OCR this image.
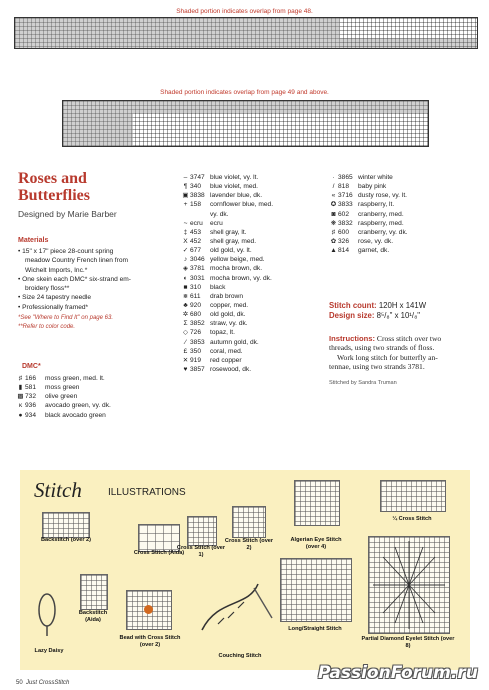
Shaded portion indicates overlap from page 48.
Shaded portion indicates overlap from page 49 and above.
Roses and
Butterflies
Designed by Marie Barber
Materials
• 15" x 17" piece 28-count spring
meadow Country French linen from
Wichelt Imports, Inc.*
• One skein each DMC* six-strand em-
broidery floss**
• Size 24 tapestry needle
• Professionally framed*
*See "Where to Find It" on page 63.
**Refer to color code.
DMC*
♯ 166	moss green, med. lt.
▮ 581	moss green
▩ 732	olive green
κ 936	avocado green, vy. dk.
● 934	black avocado green
– 3747 blue violet, vy. lt.
¶ 340	blue violet, med.
▣ 3838 lavender blue, dk.
+ 158	cornflower blue, med.
vy. dk.
~ ecru	ecru
‡ 453	shell gray, lt.
X 452	shell gray, med.
✓ 677	old gold, vy. lt.
♪ 3046 yellow beige, med.
◈ 3781 mocha brown, dk.
◐ 3031 mocha brown, vy. dk.
■ 310	black
⋇ 611	drab brown
♣ 920	copper, med.
✲ 680	old gold, dk.
Σ 3852 straw, vy. dk.
◇ 726	topaz, lt.
⁄ 3853 autumn gold, dk.
£ 350	coral, med.
✕ 919	red copper
♥ 3857 rosewood, dk.
· 3865 winter white
/ 818	baby pink
« 3716 dusty rose, vy. lt.
✪ 3833 raspberry, lt.
◙ 602	cranberry, med.
❋ 3832 raspberry, med.
♯ 600	cranberry, vy. dk.
✿ 326	rose, vy. dk.
▲ 814	garnet, dk.
Stitch count: 120H x 141W
Design size: 8⁵/₈" x 10¹/₈"
Instructions: Cross stitch over two
threads, using two strands of floss.
Work long stitch for butterfly an-
tennae, using two strands 3781.
Stitched by Sandra Truman
Stitch	ILLUSTRATIONS
Backstitch (over 2)
Cross Stitch (Aida)
Cross Stitch (over 1)
Cross Stitch (over 2)
Algerian Eye Stitch (over 4)
¼ Cross Stitch
Backstitch (Aida)
Lazy Daisy
Bead with Cross Stitch (over 2)
Couching Stitch
Long/Straight Stitch
Partial Diamond Eyelet Stitch (over 8)
50 Just CrossStitch	PassionForum.ru
